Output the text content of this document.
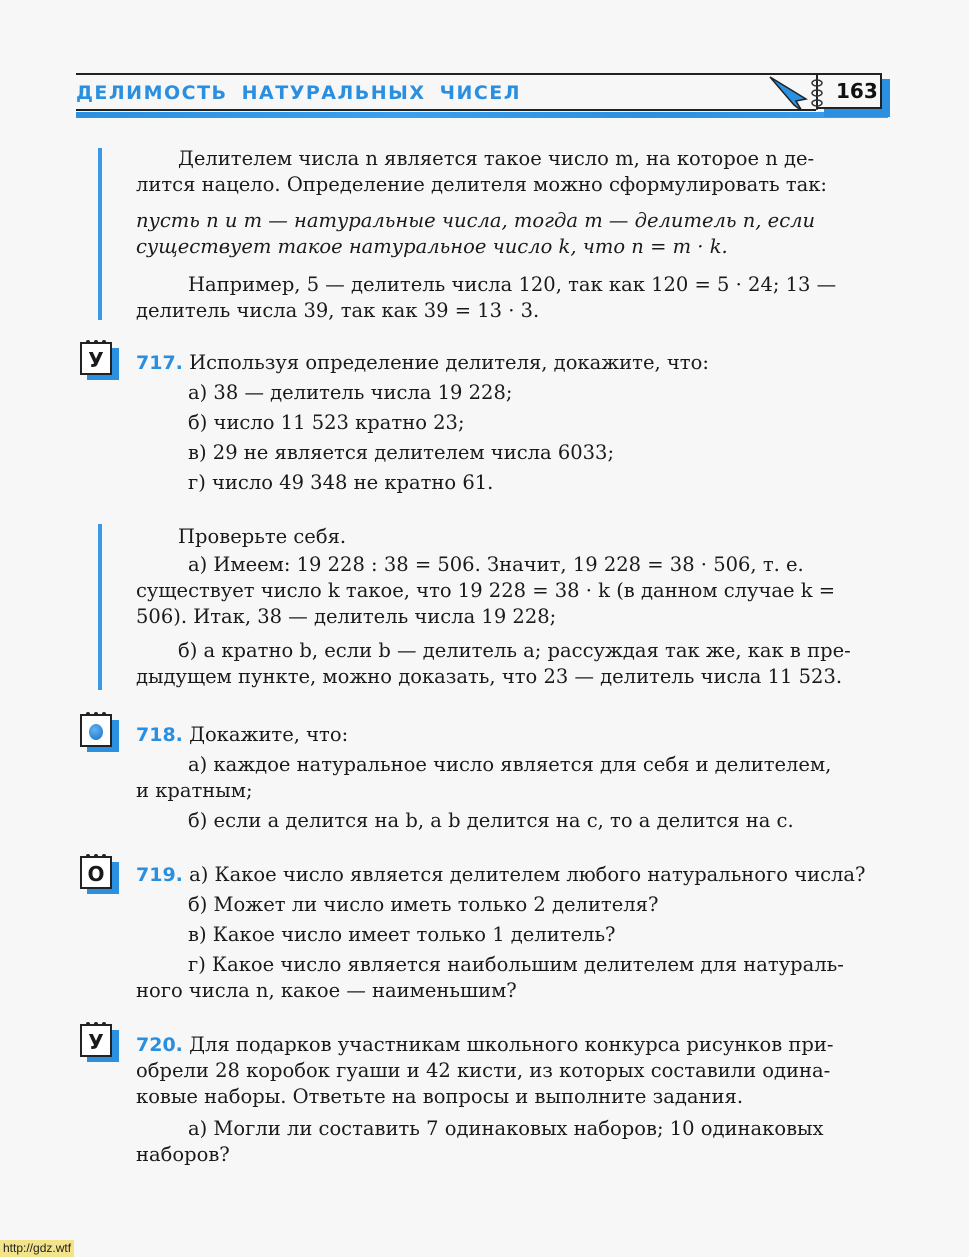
ДЕЛИМОСТЬ НАТУРАЛЬНЫХ ЧИСЕЛ	163
Делителем числа n является такое число m, на которое n де-
лится нацело. Определение делителя можно сформулировать так:
пусть n и m — натуральные числа, тогда m — делитель n, если
существует такое натуральное число k, что n = m · k.
Например, 5 — делитель числа 120, так как 120 = 5 · 24; 13 —
делитель числа 39, так как 39 = 13 · 3.
У	717. Используя определение делителя, докажите, что:
а) 38 — делитель числа 19 228;
б) число 11 523 кратно 23;
в) 29 не является делителем числа 6033;
г) число 49 348 не кратно 61.
Проверьте себя.
а) Имеем: 19 228 : 38 = 506. Значит, 19 228 = 38 · 506, т. е.
существует число k такое, что 19 228 = 38 · k (в данном случае k =
506). Итак, 38 — делитель числа 19 228;
б) a кратно b, если b — делитель a; рассуждая так же, как в пре-
дыдущем пункте, можно доказать, что 23 — делитель числа 11 523.
718. Докажите, что:
а) каждое натуральное число является для себя и делителем,
и кратным;
б) если a делится на b, а b делится на c, то a делится на c.
О	719. а) Какое число является делителем любого натурального числа?
б) Может ли число иметь только 2 делителя?
в) Какое число имеет только 1 делитель?
г) Какое число является наибольшим делителем для натураль-
ного числа n, какое — наименьшим?
У	720. Для подарков участникам школьного конкурса рисунков при-
обрели 28 коробок гуаши и 42 кисти, из которых составили одина-
ковые наборы. Ответьте на вопросы и выполните задания.
а) Могли ли составить 7 одинаковых наборов; 10 одинаковых
наборов?
http://gdz.wtf
